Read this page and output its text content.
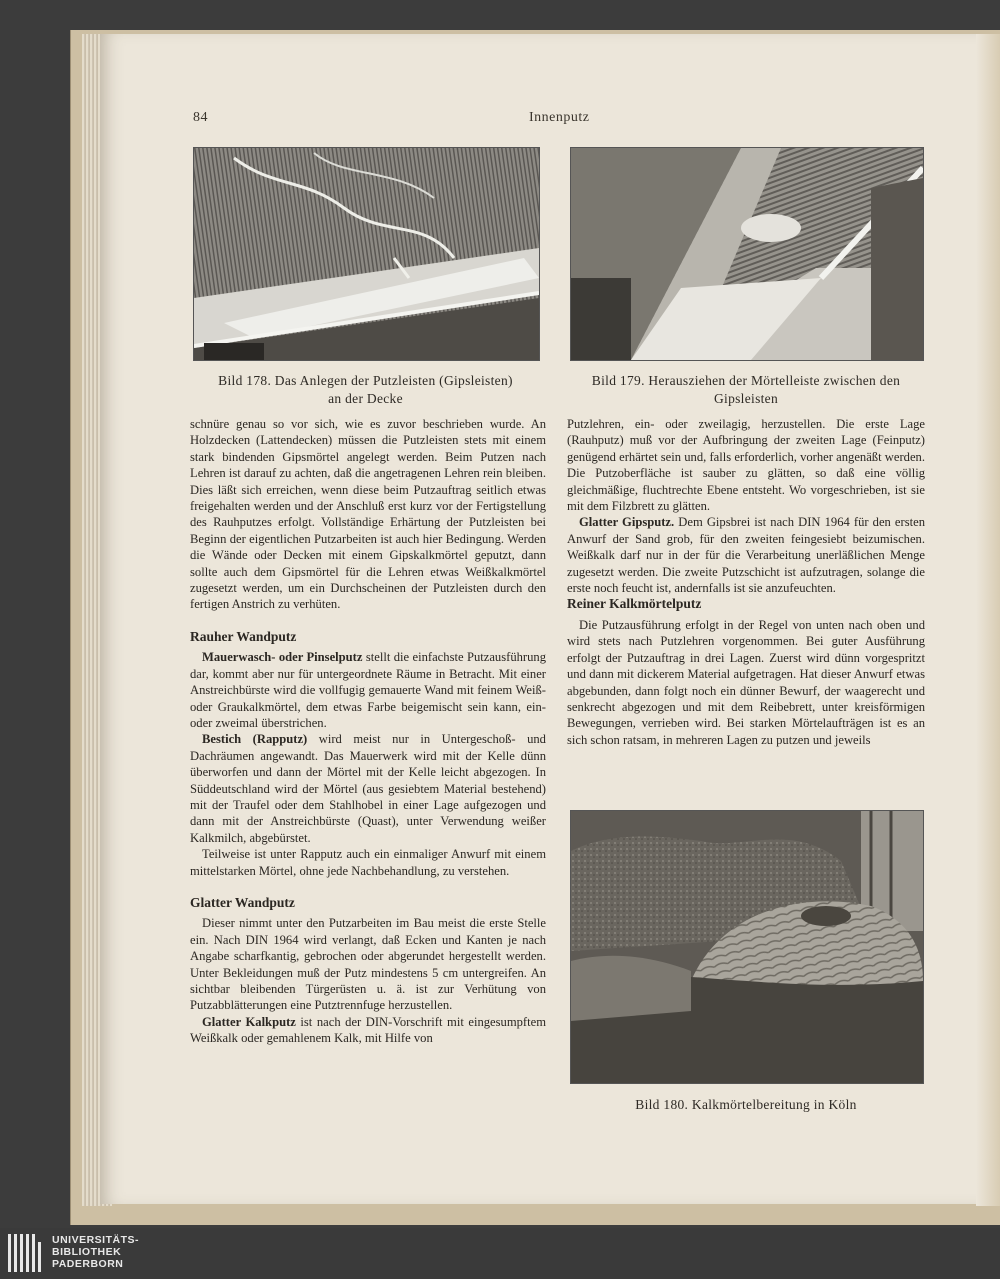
84	Innenputz
Bild 178. Das Anlegen der Putzleisten (Gipsleisten)
an der Decke
Bild 179. Herausziehen der Mörtelleiste zwischen den
Gipsleisten

schnüre genau so vor sich, wie es zuvor beschrieben wurde. An Holzdecken (Lattendecken) müssen die Putzleisten stets mit einem stark bindenden Gipsmörtel angelegt werden. Beim Putzen nach Lehren ist darauf zu achten, daß die angetragenen Lehren rein bleiben. Dies läßt sich erreichen, wenn diese beim Putzauftrag seitlich etwas freigehalten werden und der Anschluß erst kurz vor der Fertigstellung des Rauhputzes erfolgt. Vollständige Erhärtung der Putzleisten bei Beginn der eigentlichen Putzarbeiten ist auch hier Bedingung. Werden die Wände oder Decken mit einem Gipskalkmörtel geputzt, dann sollte auch dem Gipsmörtel für die Lehren etwas Weißkalkmörtel zugesetzt werden, um ein Durchscheinen der Putzleisten durch den fertigen Anstrich zu verhüten.

Rauher Wandputz

Mauerwasch- oder Pinselputz stellt die einfachste Putzausführung dar, kommt aber nur für untergeordnete Räume in Betracht. Mit einer Anstreichbürste wird die vollfugig gemauerte Wand mit feinem Weiß- oder Graukalkmörtel, dem etwas Farbe beigemischt sein kann, ein- oder zweimal überstrichen.

Bestich (Rapputz) wird meist nur in Untergeschoß- und Dachräumen angewandt. Das Mauerwerk wird mit der Kelle dünn überworfen und dann der Mörtel mit der Kelle leicht abgezogen. In Süddeutschland wird der Mörtel (aus gesiebtem Material bestehend) mit der Traufel oder dem Stahlhobel in einer Lage aufgezogen und dann mit der Anstreichbürste (Quast), unter Verwendung weißer Kalkmilch, abgebürstet.

Teilweise ist unter Rapputz auch ein einmaliger Anwurf mit einem mittelstarken Mörtel, ohne jede Nachbehandlung, zu verstehen.

Glatter Wandputz

Dieser nimmt unter den Putzarbeiten im Bau meist die erste Stelle ein. Nach DIN 1964 wird verlangt, daß Ecken und Kanten je nach Angabe scharfkantig, gebrochen oder abgerundet hergestellt werden. Unter Bekleidungen muß der Putz mindestens 5 cm untergreifen. An sichtbar bleibenden Türgerüsten u. ä. ist zur Verhütung von Putzabblätterungen eine Putztrennfuge herzustellen.

Glatter Kalkputz ist nach der DIN-Vorschrift mit eingesumpftem Weißkalk oder gemahlenem Kalk, mit Hilfe von

Putzlehren, ein- oder zweilagig, herzustellen. Die erste Lage (Rauhputz) muß vor der Aufbringung der zweiten Lage (Feinputz) genügend erhärtet sein und, falls erforderlich, vorher angenäßt werden. Die Putzoberfläche ist sauber zu glätten, so daß eine völlig gleichmäßige, fluchtrechte Ebene entsteht. Wo vorgeschrieben, ist sie mit dem Filzbrett zu glätten.

Glatter Gipsputz. Dem Gipsbrei ist nach DIN 1964 für den ersten Anwurf der Sand grob, für den zweiten feingesiebt beizumischen. Weißkalk darf nur in der für die Verarbeitung unerläßlichen Menge zugesetzt werden. Die zweite Putzschicht ist aufzutragen, solange die erste noch feucht ist, andernfalls ist sie anzufeuchten.

Reiner Kalkmörtelputz

Die Putzausführung erfolgt in der Regel von unten nach oben und wird stets nach Putzlehren vorgenommen. Bei guter Ausführung erfolgt der Putzauftrag in drei Lagen. Zuerst wird dünn vorgespritzt und dann mit dickerem Material aufgetragen. Hat dieser Anwurf etwas abgebunden, dann folgt noch ein dünner Bewurf, der waagerecht und senkrecht abgezogen und mit dem Reibebrett, unter kreisförmigen Bewegungen, verrieben wird. Bei starken Mörtelaufträgen ist es an sich schon ratsam, in mehreren Lagen zu putzen und jeweils

Bild 180. Kalkmörtelbereitung in Köln
UNIVERSITÄTS-
BIBLIOTHEK
PADERBORN
